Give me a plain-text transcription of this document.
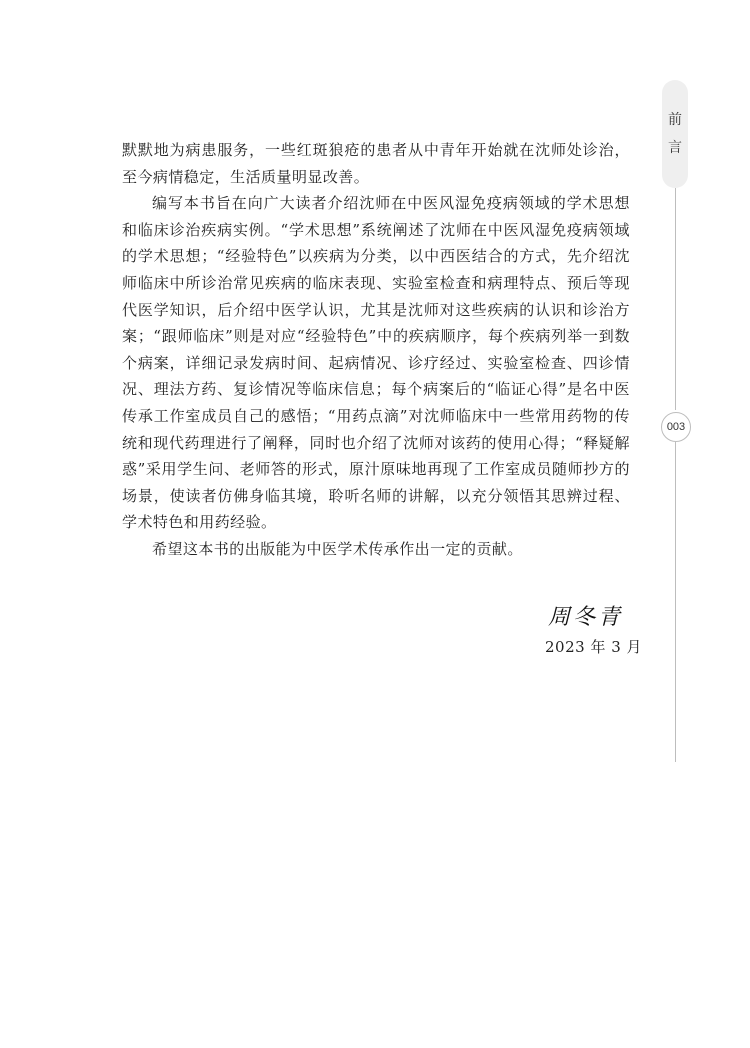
前
言
003

默默地为病患服务，一些红斑狼疮的患者从中青年开始就在沈师处诊治，至今病情稳定，生活质量明显改善。

编写本书旨在向广大读者介绍沈师在中医风湿免疫病领域的学术思想和临床诊治疾病实例。“学术思想”系统阐述了沈师在中医风湿免疫病领域的学术思想；“经验特色”以疾病为分类，以中西医结合的方式，先介绍沈师临床中所诊治常见疾病的临床表现、实验室检查和病理特点、预后等现代医学知识，后介绍中医学认识，尤其是沈师对这些疾病的认识和诊治方案；“跟师临床”则是对应“经验特色”中的疾病顺序，每个疾病列举一到数个病案，详细记录发病时间、起病情况、诊疗经过、实验室检查、四诊情况、理法方药、复诊情况等临床信息；每个病案后的“临证心得”是名中医传承工作室成员自己的感悟；“用药点滴”对沈师临床中一些常用药物的传统和现代药理进行了阐释，同时也介绍了沈师对该药的使用心得；“释疑解惑”采用学生问、老师答的形式，原汁原味地再现了工作室成员随师抄方的场景，使读者仿佛身临其境，聆听名师的讲解，以充分领悟其思辨过程、学术特色和用药经验。

希望这本书的出版能为中医学术传承作出一定的贡献。

周冬青
2023 年 3 月
